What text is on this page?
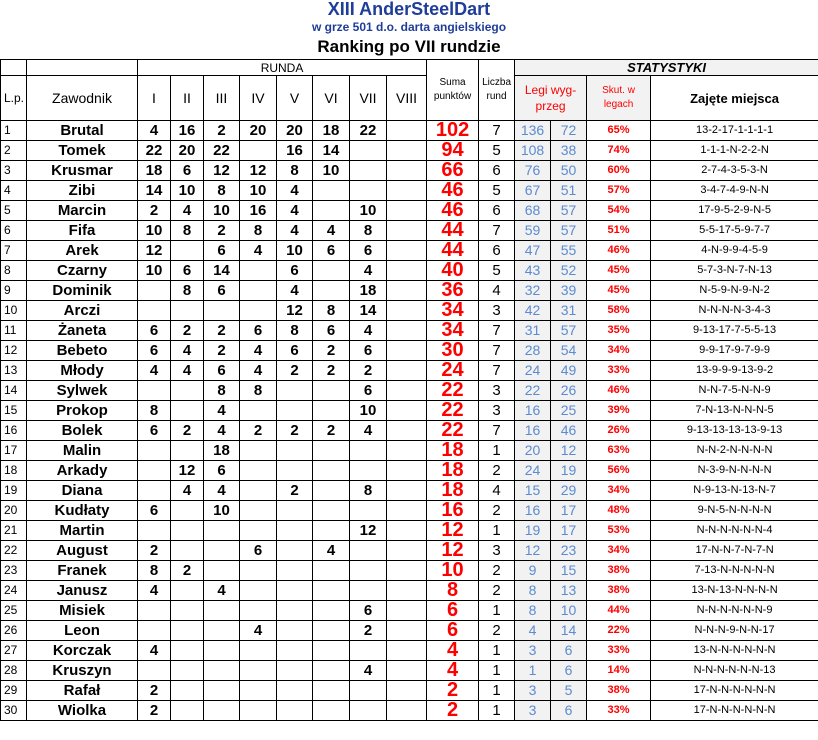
XIII AnderSteelDart
w grze 501 d.o. darta angielskiego
Ranking po VII rundzie
		RUNDA								Suma punktów	Liczba rund	STATYSTYKI			
L.p.	Zawodnik	I	II	III	IV	V	VI	VII	VIII			Legi wyg-przeg		Skut. w legach	Zajęte miejsca
1	Brutal	4	16	2	20	20	18	22		102	7	136	72	65%	13-2-17-1-1-1-1
2	Tomek	22	20	22		16	14			94	5	108	38	74%	1-1-1-N-2-2-N
3	Krusmar	18	6	12	12	8	10			66	6	76	50	60%	2-7-4-3-5-3-N
4	Zibi	14	10	8	10	4				46	5	67	51	57%	3-4-7-4-9-N-N
5	Marcin	2	4	10	16	4		10		46	6	68	57	54%	17-9-5-2-9-N-5
6	Fifa	10	8	2	8	4	4	8		44	7	59	57	51%	5-5-17-5-9-7-7
7	Arek	12		6	4	10	6	6		44	6	47	55	46%	4-N-9-9-4-5-9
8	Czarny	10	6	14		6		4		40	5	43	52	45%	5-7-3-N-7-N-13
9	Dominik		8	6		4		18		36	4	32	39	45%	N-5-9-N-9-N-2
10	Arczi					12	8	14		34	3	42	31	58%	N-N-N-N-3-4-3
11	Żaneta	6	2	2	6	8	6	4		34	7	31	57	35%	9-13-17-7-5-5-13
12	Bebeto	6	4	2	4	6	2	6		30	7	28	54	34%	9-9-17-9-7-9-9
13	Młody	4	4	6	4	2	2	2		24	7	24	49	33%	13-9-9-9-13-9-2
14	Sylwek			8	8			6		22	3	22	26	46%	N-N-7-5-N-N-9
15	Prokop	8		4				10		22	3	16	25	39%	7-N-13-N-N-N-5
16	Bolek	6	2	4	2	2	2	4		22	7	16	46	26%	9-13-13-13-13-9-13
17	Malin			18						18	1	20	12	63%	N-N-2-N-N-N-N
18	Arkady		12	6						18	2	24	19	56%	N-3-9-N-N-N-N
19	Diana		4	4		2		8		18	4	15	29	34%	N-9-13-N-13-N-7
20	Kudłaty	6		10						16	2	16	17	48%	9-N-5-N-N-N-N
21	Martin							12		12	1	19	17	53%	N-N-N-N-N-N-4
22	August	2			6		4			12	3	12	23	34%	17-N-N-7-N-7-N
23	Franek	8	2							10	2	9	15	38%	7-13-N-N-N-N-N
24	Janusz	4		4						8	2	8	13	38%	13-N-13-N-N-N-N
25	Misiek							6		6	1	8	10	44%	N-N-N-N-N-N-9
26	Leon				4			2		6	2	4	14	22%	N-N-N-9-N-N-17
27	Korczak	4								4	1	3	6	33%	13-N-N-N-N-N-N
28	Kruszyn							4		4	1	1	6	14%	N-N-N-N-N-N-13
29	Rafał	2								2	1	3	5	38%	17-N-N-N-N-N-N
30	Wiolka	2								2	1	3	6	33%	17-N-N-N-N-N-N
